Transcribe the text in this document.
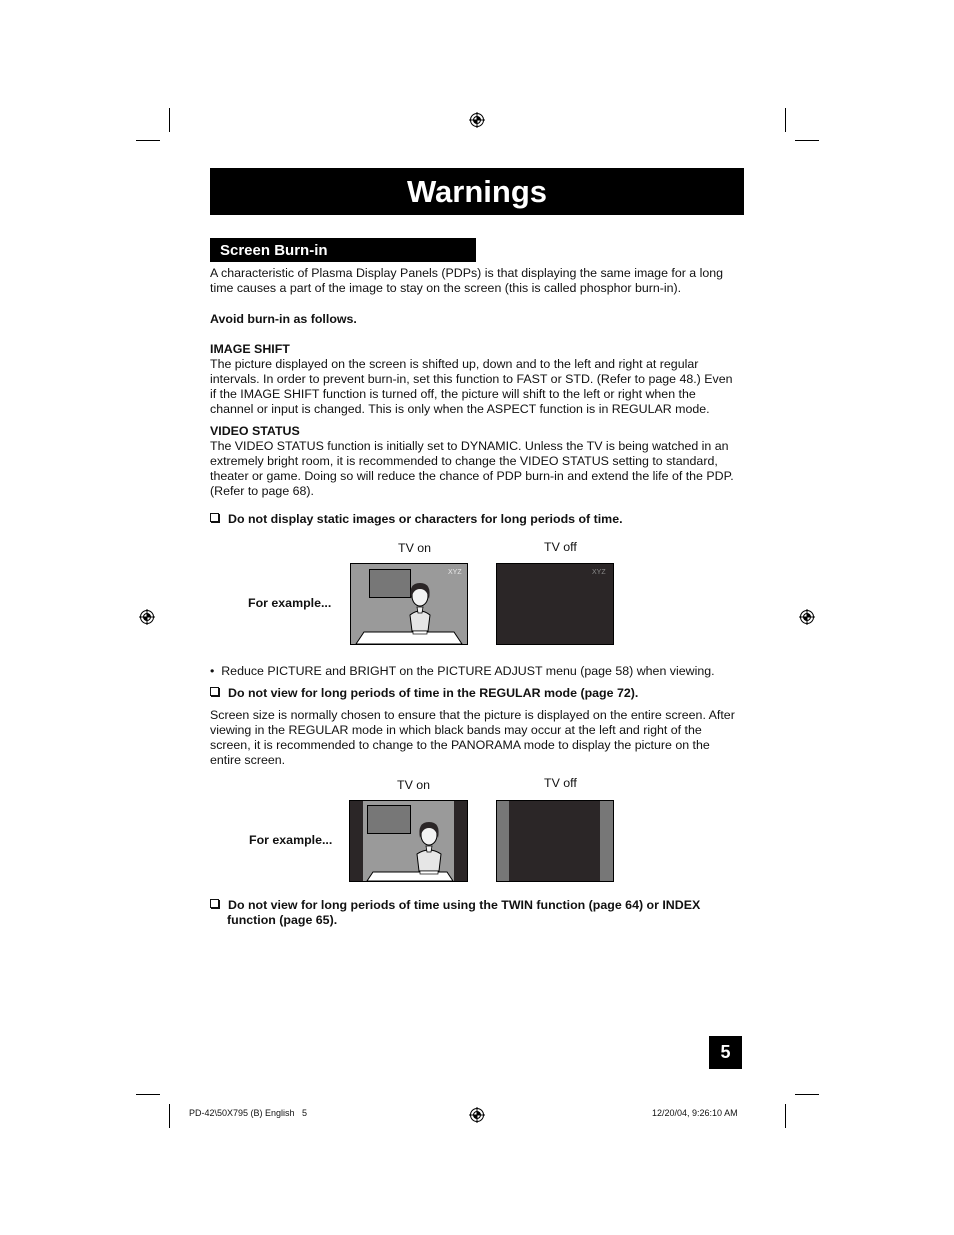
Warnings
Screen Burn-in
A characteristic of Plasma Display Panels (PDPs) is that displaying the same image for a long time causes a part of the image to stay on the screen (this is called phosphor burn-in).
Avoid burn-in as follows.
IMAGE SHIFT
The picture displayed on the screen is shifted up, down and to the left and right at regular intervals. In order to prevent burn-in, set this function to FAST or STD. (Refer to page 48.) Even if the IMAGE SHIFT function is turned off, the picture will shift to the left or right when the channel or input is changed. This is only when the ASPECT function is in REGULAR mode.
VIDEO STATUS
The VIDEO STATUS function is initially set to DYNAMIC. Unless the TV is being watched in an extremely bright room, it is recommended to change the VIDEO STATUS setting to standard, theater or game. Doing so will reduce the chance of PDP burn-in and extend the life of the PDP. (Refer to page 68).
Do not display static images or characters for long periods of time.
TV on	TV off
For example...
XYZ	XYZ
•  Reduce PICTURE and BRIGHT on the PICTURE ADJUST menu (page 58) when viewing.
Do not view for long periods of time in the REGULAR mode (page 72).
Screen size is normally chosen to ensure that the picture is displayed on the entire screen. After viewing in the REGULAR mode in which black bands may occur at the left and right of the screen, it is recommended to change to the PANORAMA mode to display the picture on the entire screen.
TV on	TV off
For example...
Do not view for long periods of time using the TWIN function (page 64) or INDEX
function (page 65).
5
PD-42\50X795 (B) English   5	12/20/04, 9:26:10 AM
